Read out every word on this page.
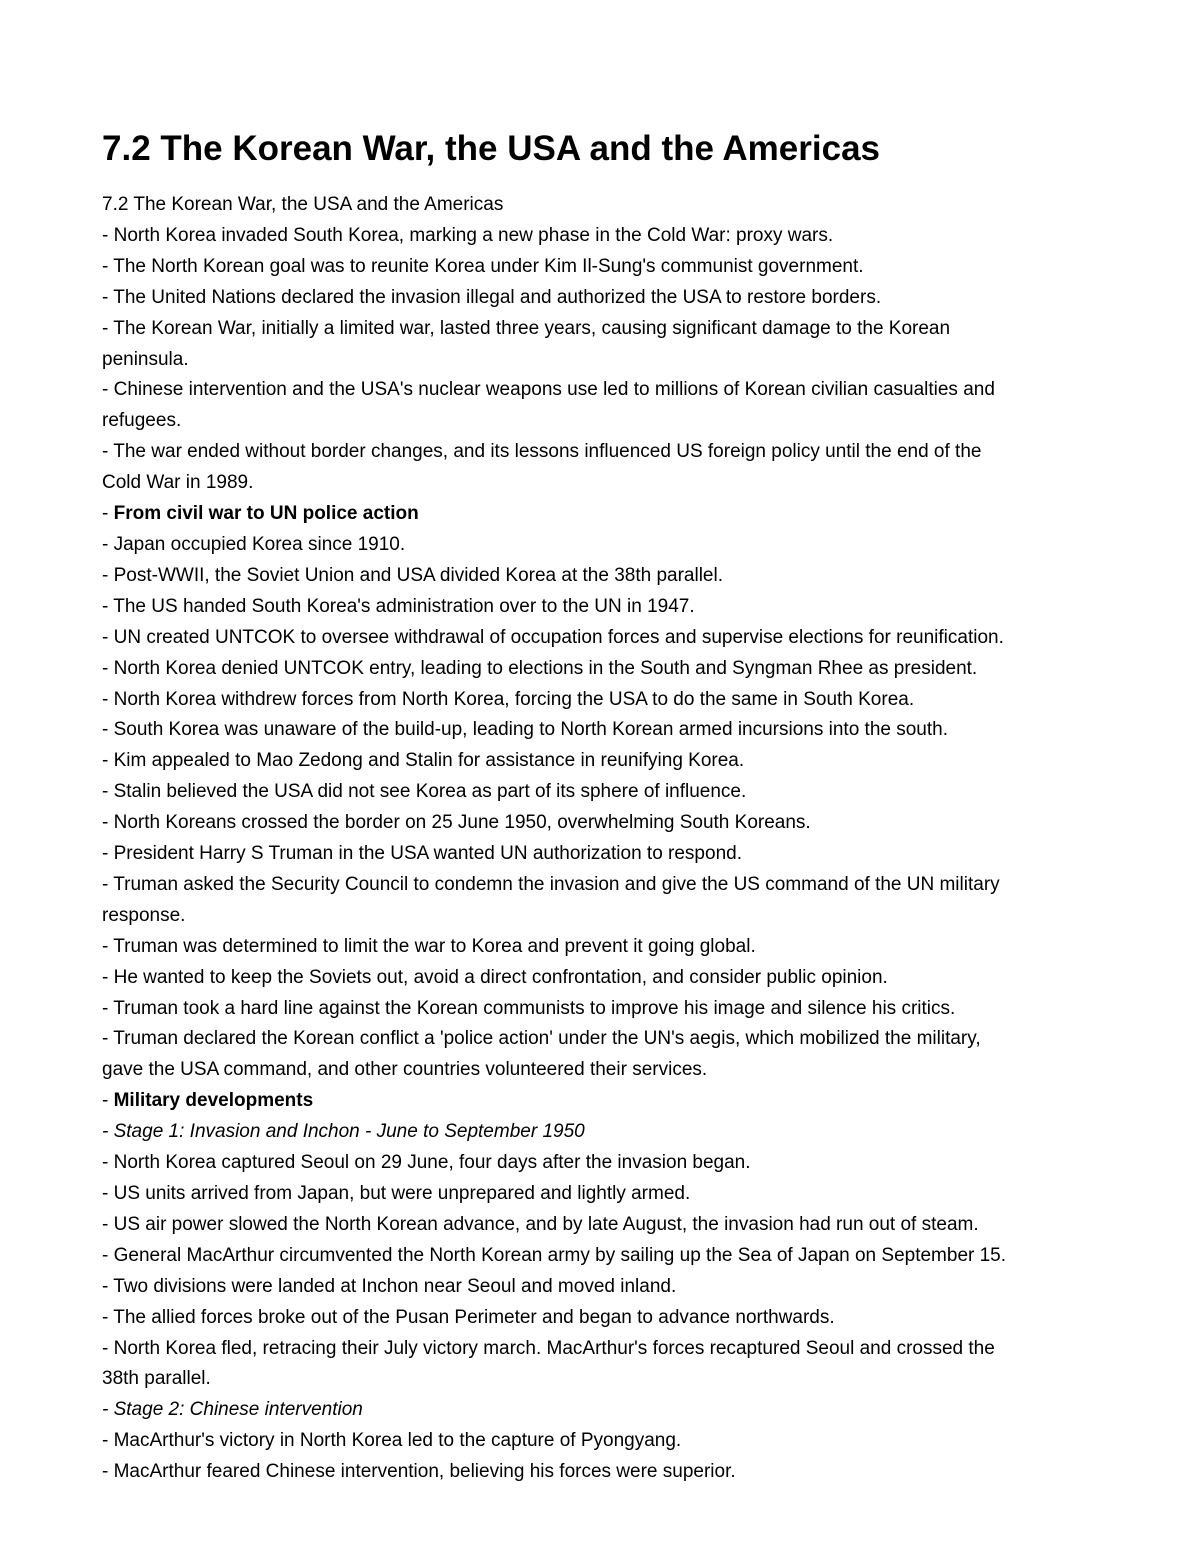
7.2 The Korean War, the USA and the Americas
7.2 The Korean War, the USA and the Americas
- North Korea invaded South Korea, marking a new phase in the Cold War: proxy wars.
- The North Korean goal was to reunite Korea under Kim Il-Sung's communist government.
- The United Nations declared the invasion illegal and authorized the USA to restore borders.
- The Korean War, initially a limited war, lasted three years, causing significant damage to the Korean
peninsula.
- Chinese intervention and the USA's nuclear weapons use led to millions of Korean civilian casualties and
refugees.
- The war ended without border changes, and its lessons influenced US foreign policy until the end of the
Cold War in 1989.
- From civil war to UN police action
- Japan occupied Korea since 1910.
- Post-WWII, the Soviet Union and USA divided Korea at the 38th parallel.
- The US handed South Korea's administration over to the UN in 1947.
- UN created UNTCOK to oversee withdrawal of occupation forces and supervise elections for reunification.
- North Korea denied UNTCOK entry, leading to elections in the South and Syngman Rhee as president.
- North Korea withdrew forces from North Korea, forcing the USA to do the same in South Korea.
- South Korea was unaware of the build-up, leading to North Korean armed incursions into the south.
- Kim appealed to Mao Zedong and Stalin for assistance in reunifying Korea.
- Stalin believed the USA did not see Korea as part of its sphere of influence.
- North Koreans crossed the border on 25 June 1950, overwhelming South Koreans.
- President Harry S Truman in the USA wanted UN authorization to respond.
- Truman asked the Security Council to condemn the invasion and give the US command of the UN military
response.
- Truman was determined to limit the war to Korea and prevent it going global.
- He wanted to keep the Soviets out, avoid a direct confrontation, and consider public opinion.
- Truman took a hard line against the Korean communists to improve his image and silence his critics.
- Truman declared the Korean conflict a 'police action' under the UN's aegis, which mobilized the military,
gave the USA command, and other countries volunteered their services.
- Military developments
- Stage 1: Invasion and Inchon - June to September 1950
- North Korea captured Seoul on 29 June, four days after the invasion began.
- US units arrived from Japan, but were unprepared and lightly armed.
- US air power slowed the North Korean advance, and by late August, the invasion had run out of steam.
- General MacArthur circumvented the North Korean army by sailing up the Sea of Japan on September 15.
- Two divisions were landed at Inchon near Seoul and moved inland.
- The allied forces broke out of the Pusan Perimeter and began to advance northwards.
- North Korea fled, retracing their July victory march. MacArthur's forces recaptured Seoul and crossed the
38th parallel.
- Stage 2: Chinese intervention
- MacArthur's victory in North Korea led to the capture of Pyongyang.
- MacArthur feared Chinese intervention, believing his forces were superior.
